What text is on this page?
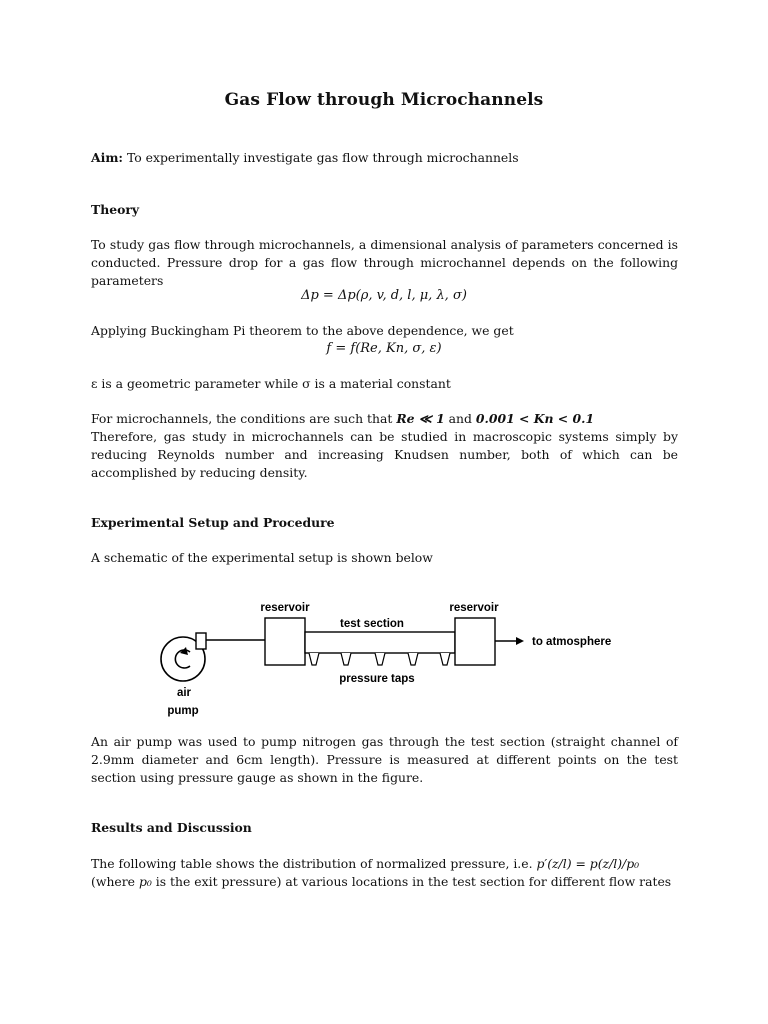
Gas Flow through Microchannels
Aim: To experimentally investigate gas flow through microchannels
Theory
To study gas flow through microchannels, a dimensional analysis of parameters concerned is conducted. Pressure drop for a gas flow through microchannel depends on the following parameters
Δp = Δp(ρ, v, d, l, μ, λ, σ)
Applying Buckingham Pi theorem to the above dependence, we get
f = f(Re, Kn, σ, ε)
ε is a geometric parameter while σ is a material constant
For microchannels, the conditions are such that Re ≪ 1 and 0.001 < Kn < 0.1
Therefore, gas study in microchannels can be studied in macroscopic systems simply by reducing Reynolds number and increasing Knudsen number, both of which can be accomplished by reducing density.
Experimental Setup and Procedure
A schematic of the experimental setup is shown below
reservoir	reservoir
test section
to atmosphere
pressure taps
air
pump
An air pump was used to pump nitrogen gas through the test section (straight channel of 2.9mm diameter and 6cm length). Pressure is measured at different points on the test section using pressure gauge as shown in the figure.
Results and Discussion
The following table shows the distribution of normalized pressure, i.e. p′(z/l) = p(z/l)/p₀
(where p₀ is the exit pressure) at various locations in the test section for different flow rates
